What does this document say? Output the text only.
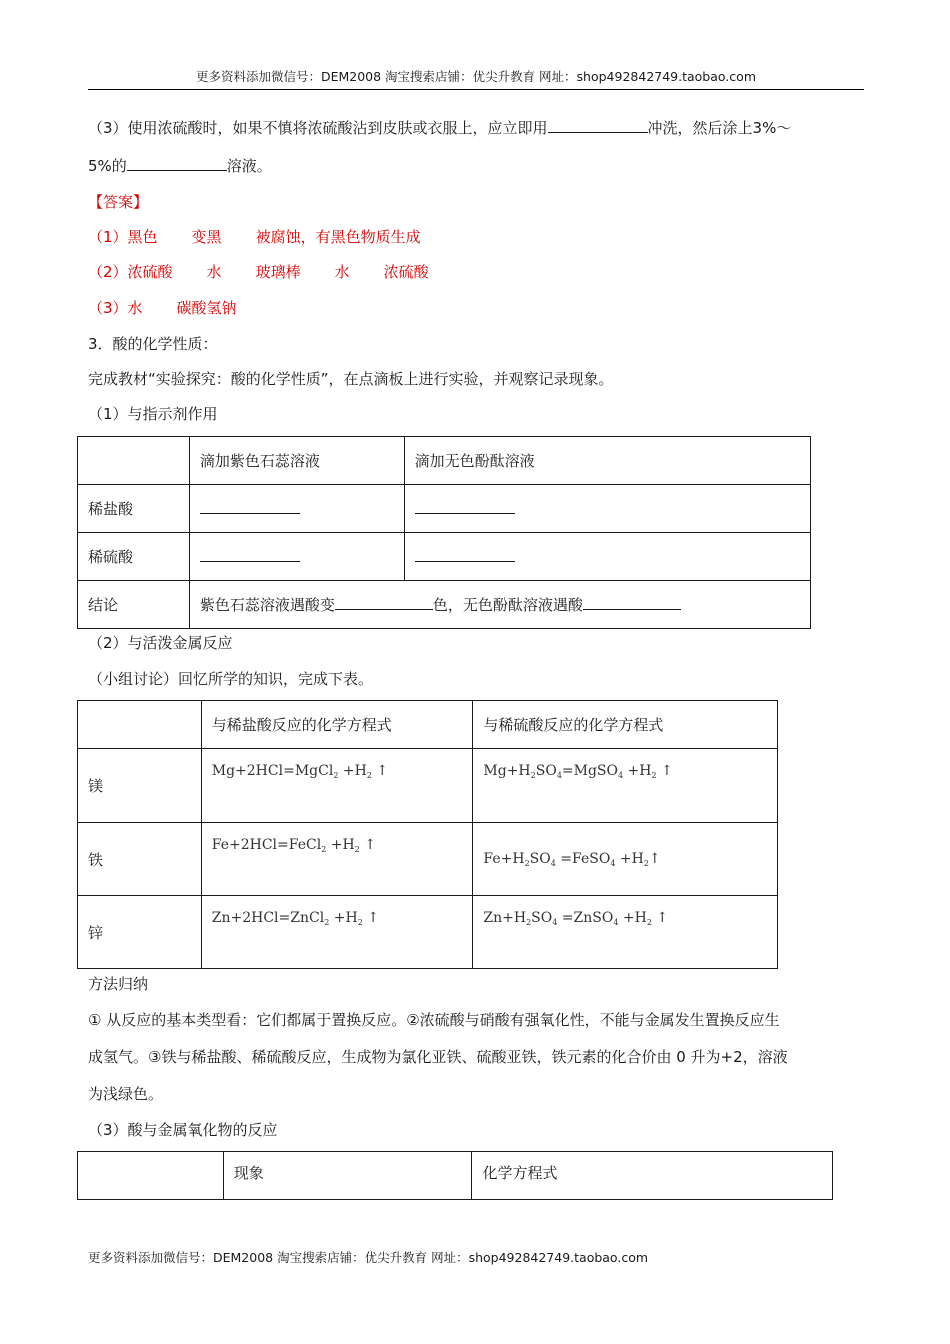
更多资料添加微信号：DEM2008 淘宝搜索店铺：优尖升教育 网址：shop492842749.taobao.com
（3）使用浓硫酸时，如果不慎将浓硫酸沾到皮肤或衣服上，应立即用	冲洗，然后涂上3%～
5%的	溶液。
【答案】
（1）黑色 变黑 被腐蚀，有黑色物质生成
（2）浓硫酸 水 玻璃棒 水 浓硫酸
（3）水 碳酸氢钠
3．酸的化学性质：
完成教材“实验探究：酸的化学性质”，在点滴板上进行实验，并观察记录现象。
（1）与指示剂作用
	滴加紫色石蕊溶液	滴加无色酚酞溶液
稀盐酸		
稀硫酸		
结论	紫色石蕊溶液遇酸变 色，无色酚酞溶液遇酸	
（2）与活泼金属反应
（小组讨论）回忆所学的知识，完成下表。
	与稀盐酸反应的化学方程式	与稀硫酸反应的化学方程式
镁	Mg+2HCl=MgCl$_2$ $+H_2$ ↑	$Mg+H_2SO_4=MgSO_4 +H_2$ ↑
铁	Fe+2HCl=FeCl$_2$ $+H_2$ ↑	$Fe+H_2SO_4$ =FeSO$_4$ $+H_2↑$
锌	Zn+2HCl=ZnCl$_2$ $+H_2$ ↑	$Zn+H_2SO_4$ =ZnSO$_4$ $+H_2$ ↑
方法归纳
① 从反应的基本类型看：它们都属于置换反应。②浓硫酸与硝酸有强氧化性，不能与金属发生置换反应生
成氢气。③铁与稀盐酸、稀硫酸反应，生成物为氯化亚铁、硫酸亚铁，铁元素的化合价由 0 升为+2，溶液
为浅绿色。
（3）酸与金属氧化物的反应
	现象	化学方程式
更多资料添加微信号：DEM2008 淘宝搜索店铺：优尖升教育 网址：shop492842749.taobao.com
